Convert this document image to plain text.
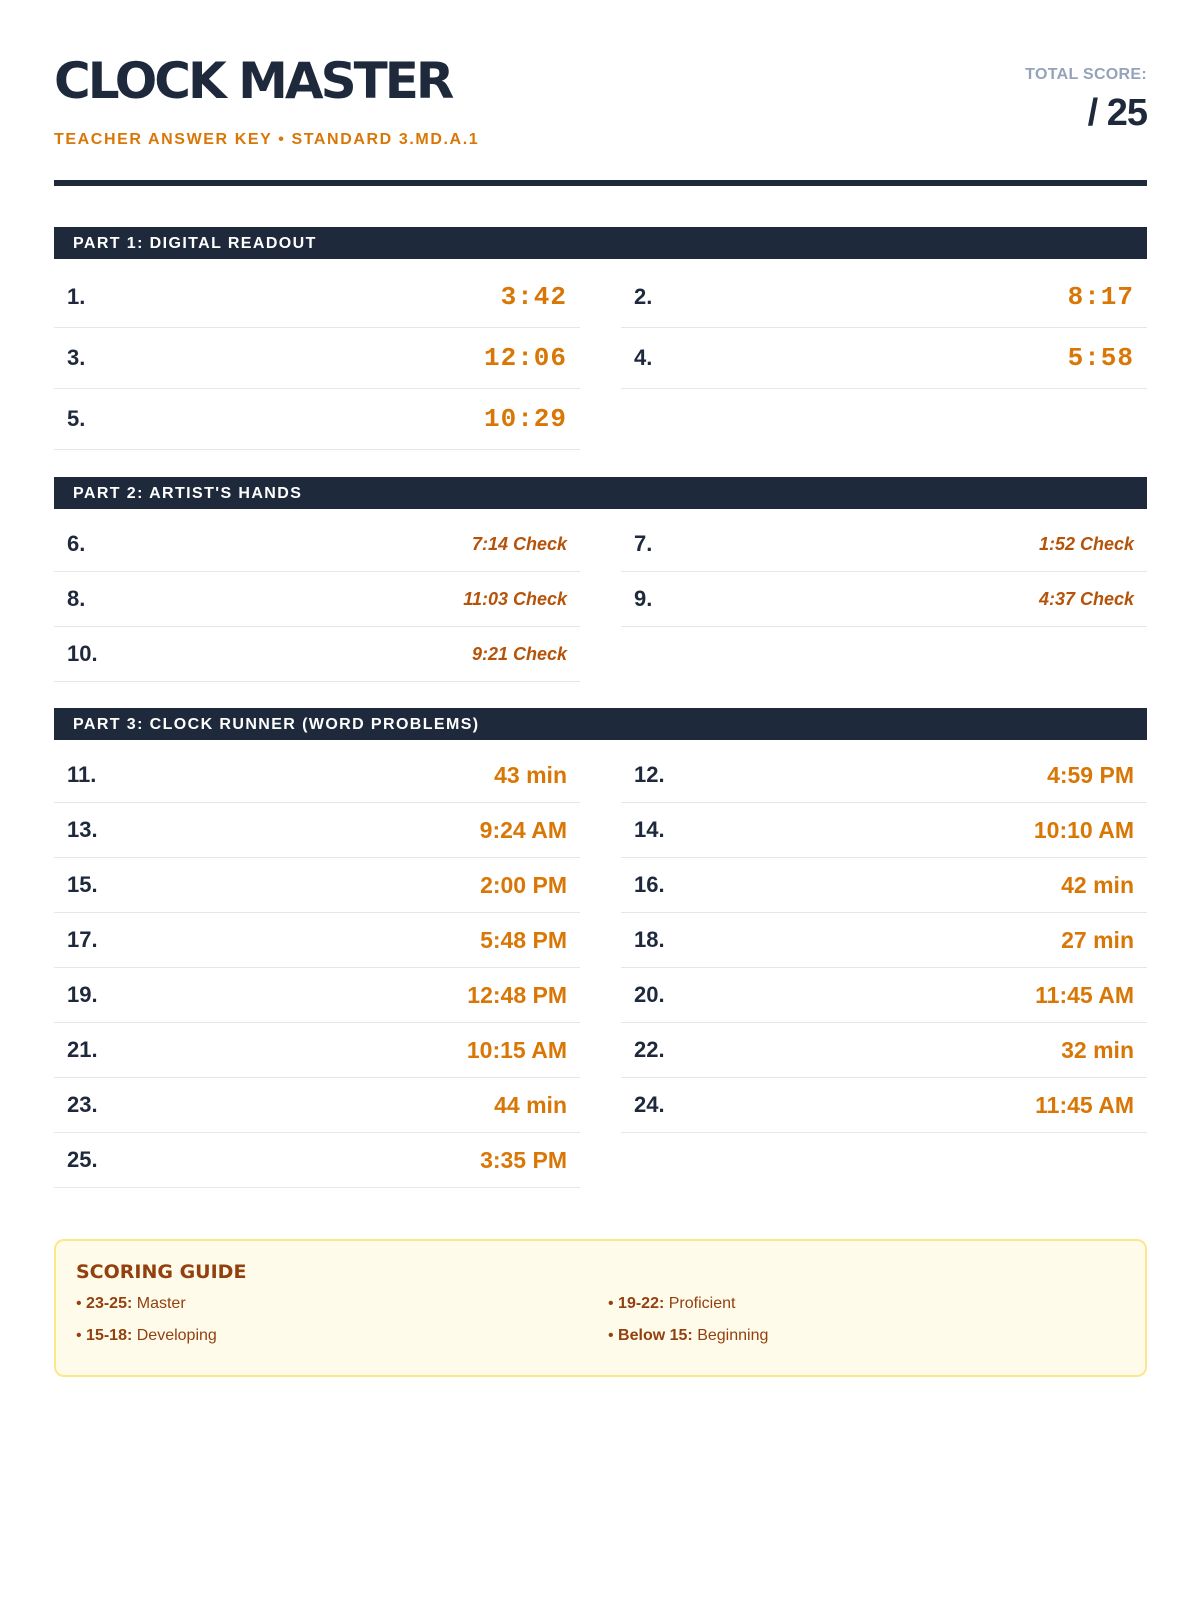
CLOCK MASTER
TEACHER ANSWER KEY • STANDARD 3.MD.A.1
TOTAL SCORE:
/ 25
PART 1: DIGITAL READOUT
1.	3:42	2.	8:17
3.	12:06	4.	5:58
5.	10:29
PART 2: ARTIST'S HANDS
6.	7:14 Check	7.	1:52 Check
8.	11:03 Check	9.	4:37 Check
10.	9:21 Check
PART 3: CLOCK RUNNER (WORD PROBLEMS)
11.	43 min	12.	4:59 PM
13.	9:24 AM	14.	10:10 AM
15.	2:00 PM	16.	42 min
17.	5:48 PM	18.	27 min
19.	12:48 PM	20.	11:45 AM
21.	10:15 AM	22.	32 min
23.	44 min	24.	11:45 AM
25.	3:35 PM
SCORING GUIDE
• 23-25: Master	• 19-22: Proficient
• 15-18: Developing	• Below 15: Beginning
